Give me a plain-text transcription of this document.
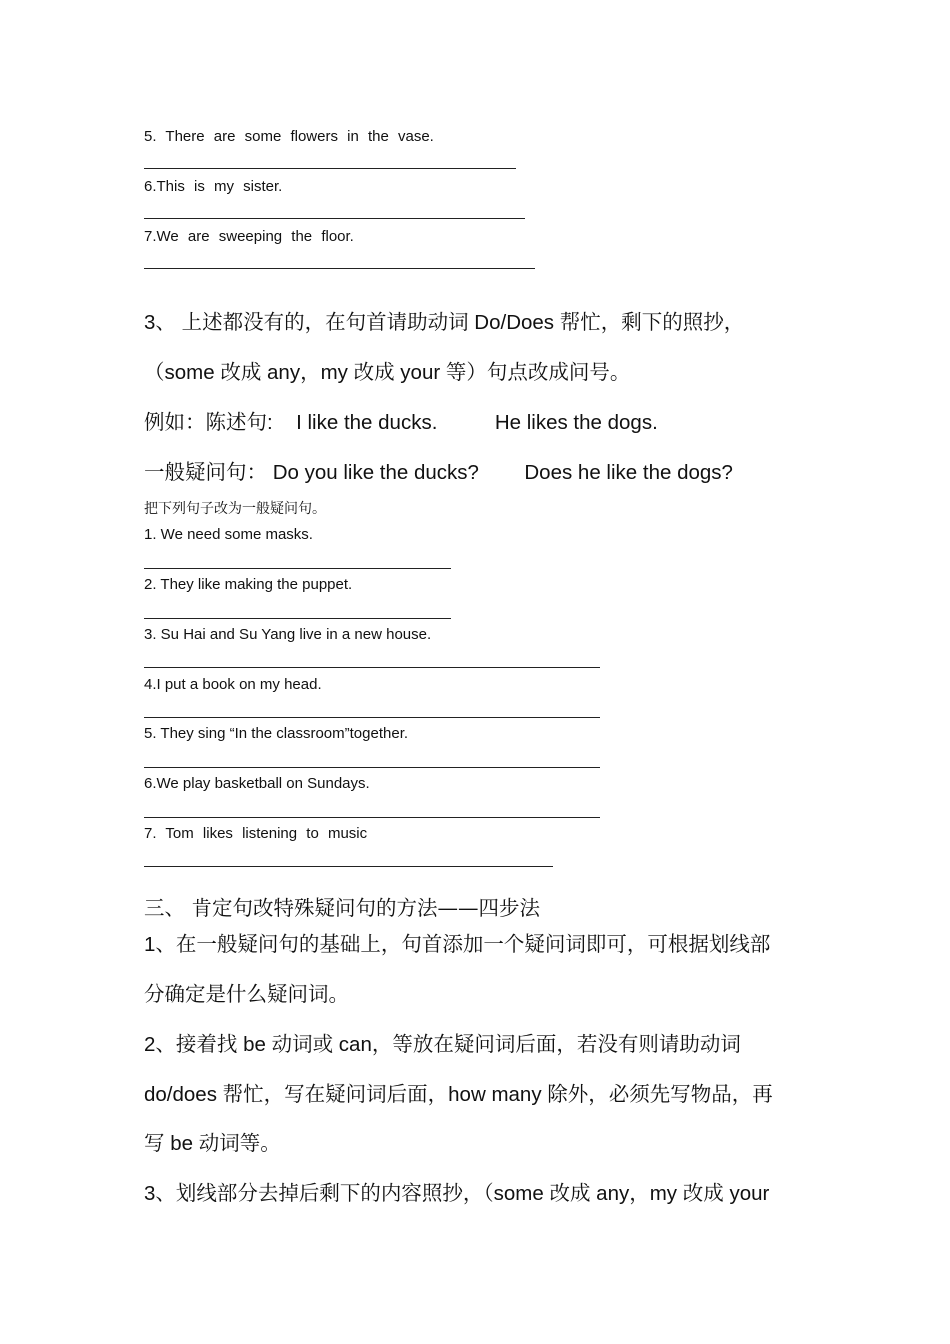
5. There are some flowers in the vase.
6.This is my sister.
7.We are sweeping the floor.
3、 上述都没有的，在句首请助动词 Do/Does 帮忙，剩下的照抄，
（some 改成 any，my 改成 your 等）句点改成问号。
例如：陈述句: I like the ducks.	He likes the dogs.
一般疑问句： Do you like the ducks? Does he like the dogs?
把下列句子改为一般疑问句。
1. We need some masks.
2. They like making the puppet.
3. Su Hai and Su Yang live in a new house.
4.I put a book on my head.
5. They sing “In the classroom”together.
6.We play basketball on Sundays.
7. Tom likes listening to music
三、 肯定句改特殊疑问句的方法——四步法
1、在一般疑问句的基础上，句首添加一个疑问词即可，可根据划线部
分确定是什么疑问词。
2、接着找 be 动词或 can，等放在疑问词后面，若没有则请助动词
do/does 帮忙，写在疑问词后面，how many 除外，必须先写物品，再
写 be 动词等。
3、划线部分去掉后剩下的内容照抄，（some 改成 any，my 改成 your
